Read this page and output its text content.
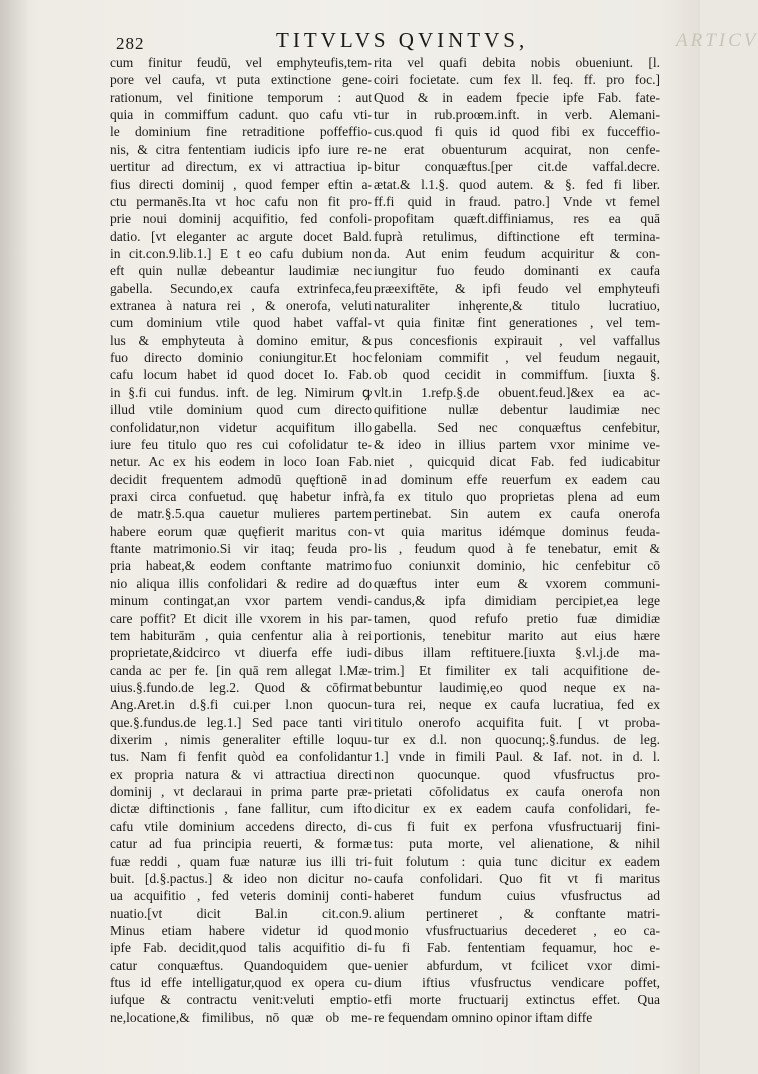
282	TITVLVS QVINTVS,	ARTICV
cum finitur feudū, vel emphyteufis,tem-
pore vel caufa, vt puta extinctione gene-
rationum, vel finitione temporum : aut
quia in commiffum cadunt. quo cafu vti-
le dominium fine retraditione poffeffio-
nis, & citra fententiam iudicis ipfo iure re-
uertitur ad directum, ex vi attractiua ip-
fius directi dominij , quod femper eftin a-
ctu permanēs.Ita vt hoc cafu non fit pro-
prie noui dominij acquifitio, fed confoli-
datio. [vt eleganter ac argute docet Bald.
in cit.con.9.lib.1.] E t eo cafu dubium non
eft quin nullæ debeantur laudimiæ nec
gabella. Secundo,ex caufa extrinfeca,feu
extranea à natura rei , & onerofa, veluti
cum dominium vtile quod habet vaffal-
lus & emphyteuta à domino emitur, &
fuo directo dominio coniungitur.Et hoc
cafu locum habet id quod docet Io. Fab.
in §.fi cui fundus. inft. de leg. Nimirum ꝙ
illud vtile dominium quod cum directo
confolidatur,non videtur acquifitum illo
iure feu titulo quo res cui cofolidatur te-
netur. Ac ex his eodem in loco Ioan Fab.
decidit frequentem admodū quęftionē in
praxi circa confuetud. quę habetur infrà,
de matr.§.5.qua cauetur mulieres partem
habere eorum quæ quęfierit maritus con-
ftante matrimonio.Si vir itaq; feuda pro-
pria habeat,& eodem conftante matrimo
nio aliqua illis confolidari & redire ad do
minum contingat,an vxor partem vendi-
care poffit? Et dicit ille vxorem in his par-
tem habiturām , quia cenfentur alia à rei
proprietate,&idcirco vt diuerfa effe iudi-
canda ac per fe. [in quā rem allegat l.Mæ-
uius.§.fundo.de leg.2. Quod & cōfirmat
Ang.Aret.in d.§.fi cui.per l.non quocun-
que.§.fundus.de leg.1.] Sed pace tanti viri
dixerim , nimis generaliter eftille loquu-
tus. Nam fi fenfit quòd ea confolidantur
ex propria natura & vi attractiua directi
dominij , vt declaraui in prima parte præ-
dictæ diftinctionis , fane fallitur, cum ifto
cafu vtile dominium accedens directo, di-
catur ad fua principia reuerti, & formæ
fuæ reddi , quam fuæ naturæ ius illi tri-
buit. [d.§.pactus.] & ideo non dicitur no-
ua acquifitio , fed veteris dominij conti-
nuatio.[vt dicit Bal.in cit.con.9.
Minus etiam habere videtur id quod
ipfe Fab. decidit,quod talis acquifitio di-
catur conquæftus. Quandoquidem que-
ftus id effe intelligatur,quod ex opera cu-
iufque & contractu venit:veluti emptio-
ne,locatione,& fimilibus, nō quæ ob me-
rita vel quafi debita nobis obueniunt. [l.
coiri focietate. cum fex ll. feq. ff. pro foc.]
Quod & in eadem fpecie ipfe Fab. fate-
tur in rub.proœm.inft. in verb. Alemani-
cus.quod fi quis id quod fibi ex fucceffio-
ne erat obuenturum acquirat, non cenfe-
bitur conquæftus.[per cit.de vaffal.decre.
ætat.& l.1.§. quod autem. & §. fed fi liber.
ff.fi quid in fraud. patro.] Vnde vt femel
propofitam quæft.diffiniamus, res ea quā
fuprà retulimus, diftinctione eft termina-
da. Aut enim feudum acquiritur & con-
iungitur fuo feudo dominanti ex caufa
præexiftēte, & ipfi feudo vel emphyteufi
naturaliter inhęrente,& titulo lucratiuo,
vt quia finitæ fint generationes , vel tem-
pus concesfionis expirauit , vel vaffallus
feloniam commifit , vel feudum negauit,
ob quod cecidit in commiffum. [iuxta §.
vlt.in 1.refp.§.de obuent.feud.]&ex ea ac-
quifitione nullæ debentur laudimiæ nec
gabella. Sed nec conquæftus cenfebitur,
& ideo in illius partem vxor minime ve-
niet , quicquid dicat Fab. fed iudicabitur
ad dominum effe reuerfum ex eadem cau
fa ex titulo quo proprietas plena ad eum
pertinebat. Sin autem ex caufa onerofa
vt quia maritus idémque dominus feuda-
lis , feudum quod à fe tenebatur, emit &
fuo coniunxit dominio, hic cenfebitur cō
quæftus inter eum & vxorem communi-
candus,& ipfa dimidiam percipiet,ea lege
tamen, quod refufo pretio fuæ dimidiæ
portionis, tenebitur marito aut eius hære
dibus illam reftituere.[iuxta §.vl.j.de ma-
trim.] Et fimiliter ex tali acquifitione de-
bebuntur laudimię,eo quod neque ex na-
tura rei, neque ex caufa lucratiua, fed ex
titulo onerofo acquifita fuit. [ vt proba-
tur ex d.l. non quocunq;.§.fundus. de leg.
1.] vnde in fimili Paul. & Iaf. not. in d. l.
non quocunque. quod vfusfructus pro-
prietati cōfolidatus ex caufa onerofa non
dicitur ex ex eadem caufa confolidari, fe-
cus fi fuit ex perfona vfusfructuarij fini-
tus: puta morte, vel alienatione, & nihil
fuit folutum : quia tunc dicitur ex eadem
caufa confolidari. Quo fit vt fi maritus
haberet fundum cuius vfusfructus ad
alium pertineret , & conftante matri-
monio vfusfructuarius decederet , eo ca-
fu fi Fab. fententiam fequamur, hoc e-
uenier abfurdum, vt fcilicet vxor dimi-
dium iftius vfusfructus vendicare poffet,
etfi morte fructuarij extinctus effet. Qua
re fequendam omnino opinor iftam diffe
